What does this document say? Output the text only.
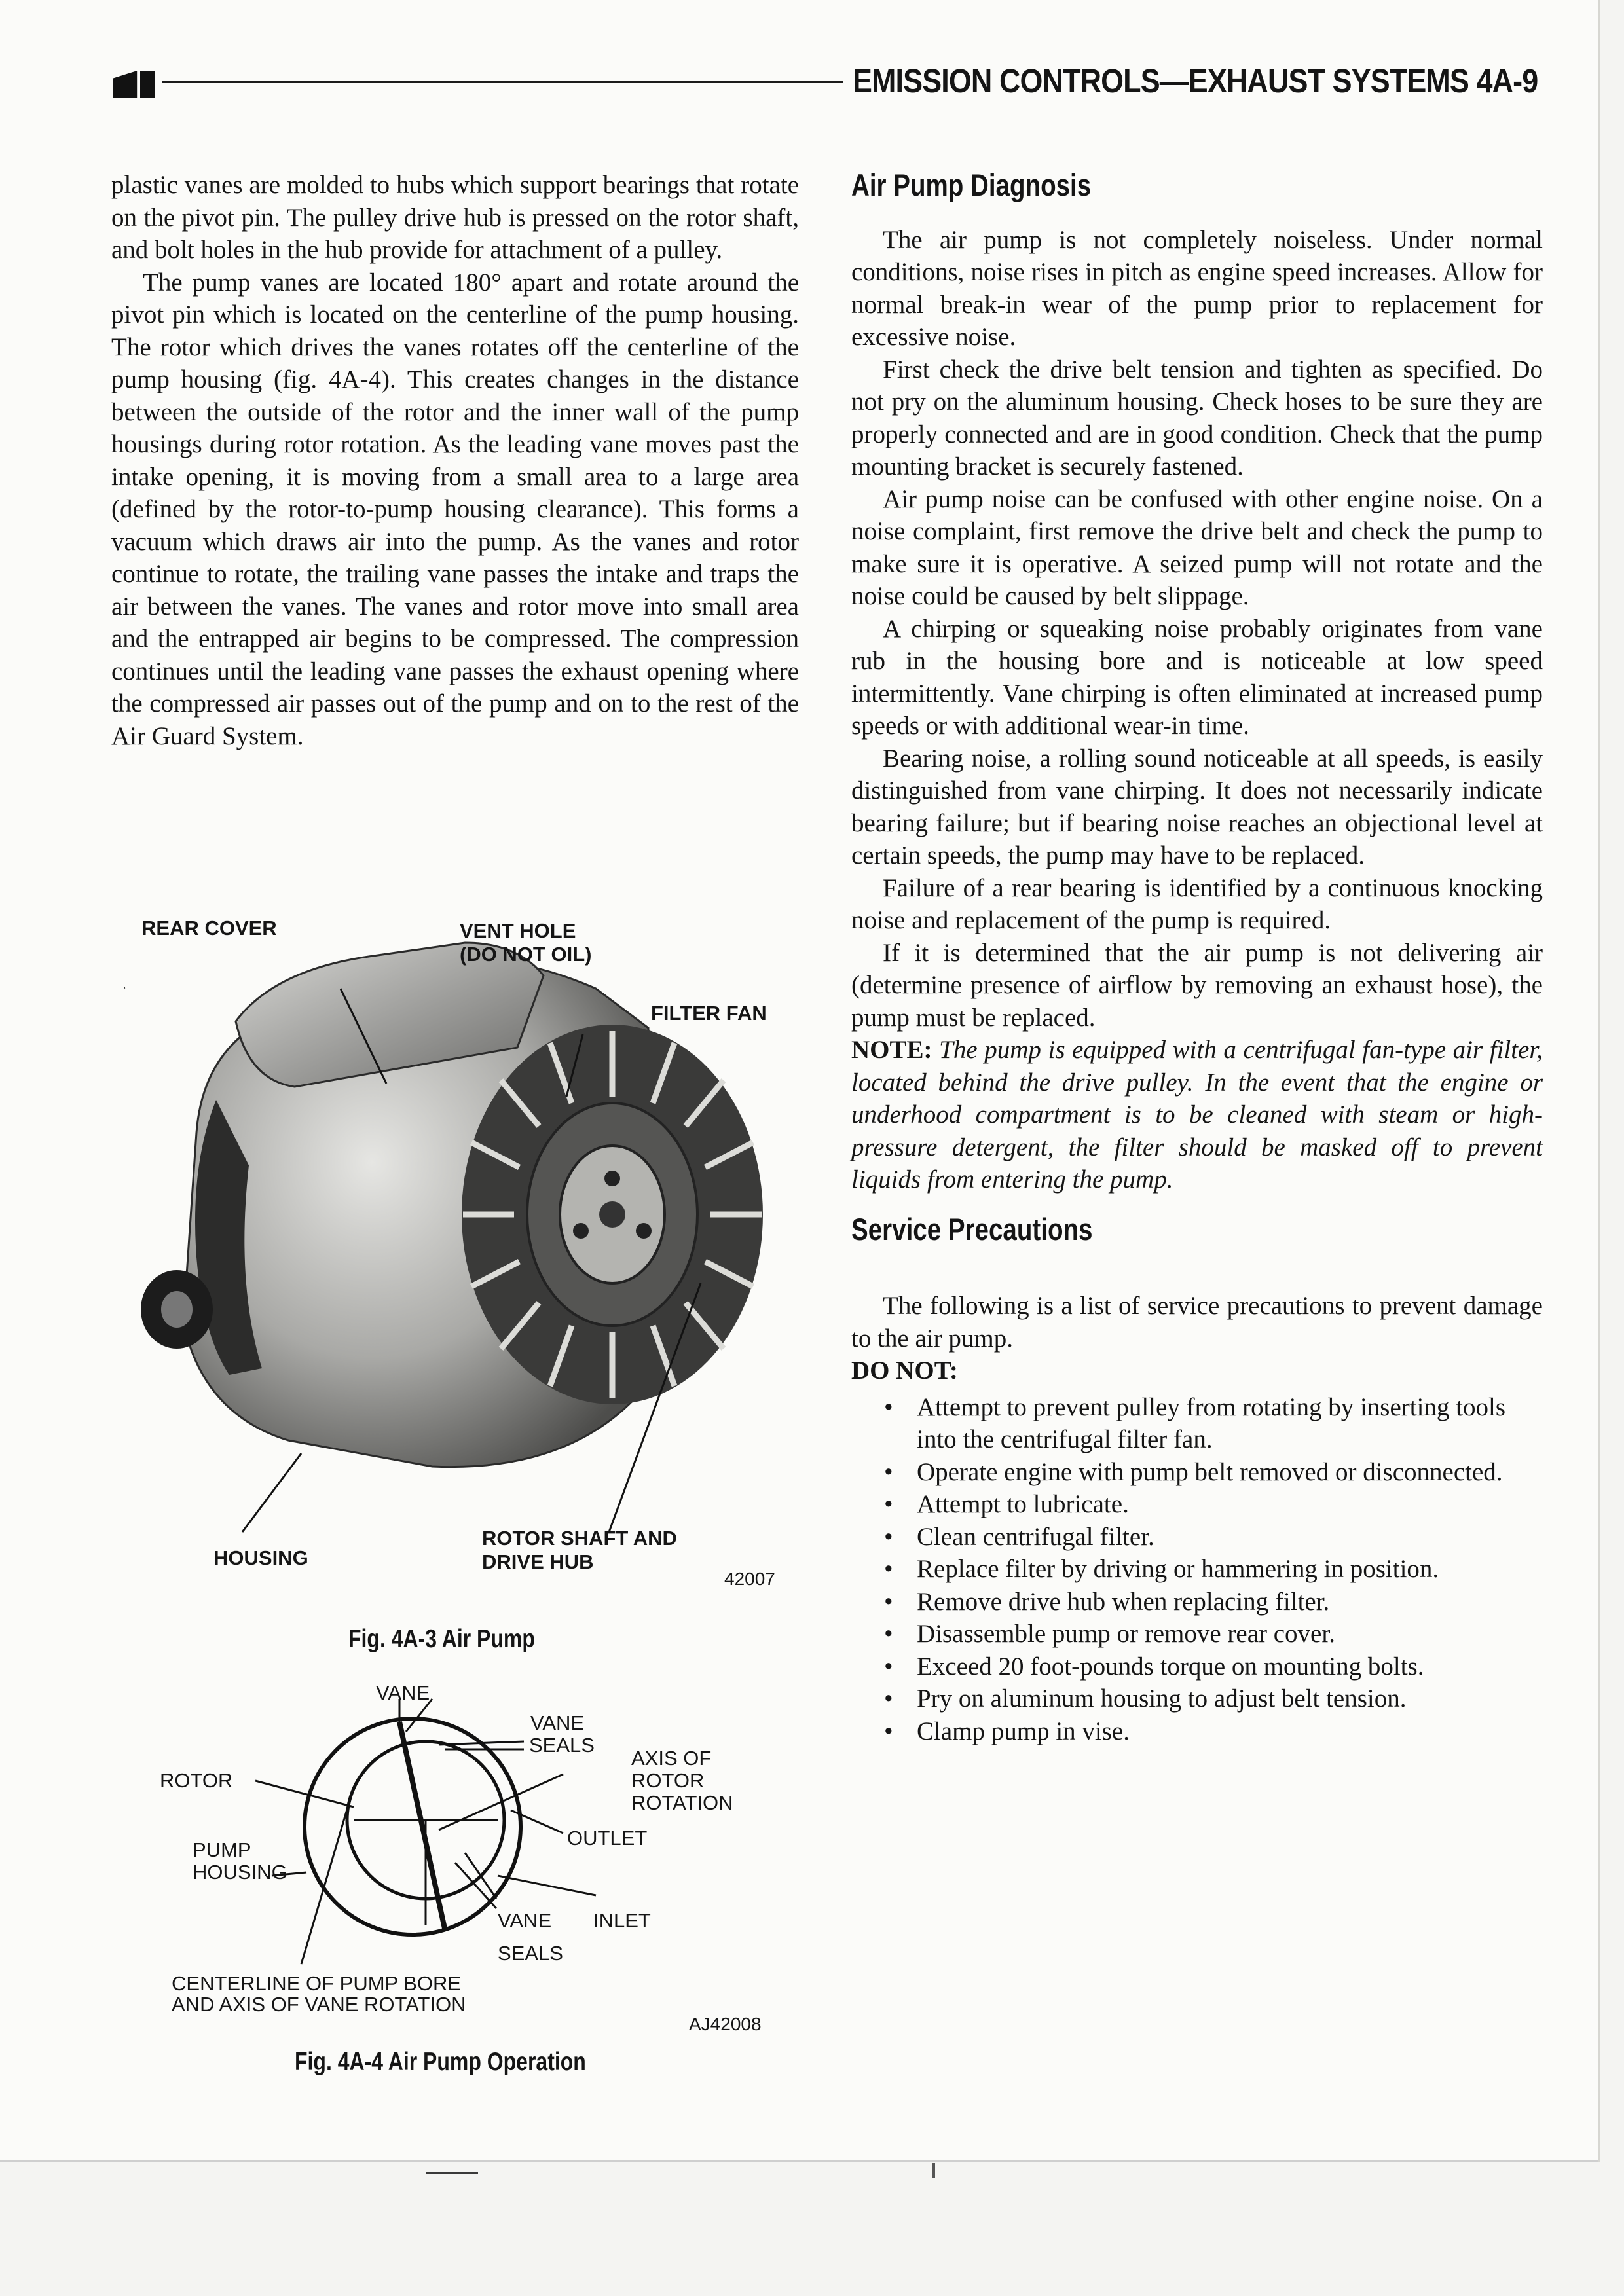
EMISSION CONTROLS—EXHAUST SYSTEMS 4A-9

plastic vanes are molded to hubs which support bearings that rotate on the pivot pin. The pulley drive hub is pressed on the rotor shaft, and bolt holes in the hub provide for attachment of a pulley.

The pump vanes are located 180° apart and rotate around the pivot pin which is located on the centerline of the pump housing. The rotor which drives the vanes rotates off the centerline of the pump housing (fig. 4A-4). This creates changes in the distance between the outside of the rotor and the inner wall of the pump housings during rotor rotation. As the leading vane moves past the intake opening, it is moving from a small area to a large area (defined by the rotor-to-pump housing clearance). This forms a vacuum which draws air into the pump. As the vanes and rotor continue to rotate, the trailing vane passes the intake and traps the air between the vanes. The vanes and rotor move into small area and the entrapped air begins to be compressed. The compression continues until the leading vane passes the exhaust opening where the compressed air passes out of the pump and on to the rest of the Air Guard System.

REAR COVER	VENT HOLE
(DO NOT OIL)
FILTER FAN
HOUSING
ROTOR SHAFT AND
DRIVE HUB
42007
Fig. 4A-3 Air Pump
VANE
VANE
SEALS
AXIS OF
ROTOR
ROTATION
ROTOR
OUTLET
PUMP
HOUSING
VANE
SEALS
INLET
CENTERLINE OF PUMP BORE
AND AXIS OF VANE ROTATION
AJ42008
Fig. 4A-4 Air Pump Operation
Air Pump Diagnosis

The air pump is not completely noiseless. Under normal conditions, noise rises in pitch as engine speed increases. Allow for normal break-in wear of the pump prior to replacement for excessive noise.

First check the drive belt tension and tighten as specified. Do not pry on the aluminum housing. Check hoses to be sure they are properly connected and are in good condition. Check that the pump mounting bracket is securely fastened.

Air pump noise can be confused with other engine noise. On a noise complaint, first remove the drive belt and check the pump to make sure it is operative. A seized pump will not rotate and the noise could be caused by belt slippage.

A chirping or squeaking noise probably originates from vane rub in the housing bore and is noticeable at low speed intermittently. Vane chirping is often eliminated at increased pump speeds or with additional wear-in time.

Bearing noise, a rolling sound noticeable at all speeds, is easily distinguished from vane chirping. It does not necessarily indicate bearing failure; but if bearing noise reaches an objectional level at certain speeds, the pump may have to be replaced.

Failure of a rear bearing is identified by a continuous knocking noise and replacement of the pump is required.

If it is determined that the air pump is not delivering air (determine presence of airflow by removing an exhaust hose), the pump must be replaced.

NOTE: The pump is equipped with a centrifugal fan-type air filter, located behind the drive pulley. In the event that the engine or underhood compartment is to be cleaned with steam or high-pressure detergent, the filter should be masked off to prevent liquids from entering the pump.

Service Precautions

The following is a list of service precautions to prevent damage to the air pump.

DO NOT:

• Attempt to prevent pulley from rotating by inserting tools into the centrifugal filter fan.
• Operate engine with pump belt removed or disconnected.
• Attempt to lubricate.
• Clean centrifugal filter.
• Replace filter by driving or hammering in position.
• Remove drive hub when replacing filter.
• Disassemble pump or remove rear cover.
• Exceed 20 foot-pounds torque on mounting bolts.
• Pry on aluminum housing to adjust belt tension.
• Clamp pump in vise.
